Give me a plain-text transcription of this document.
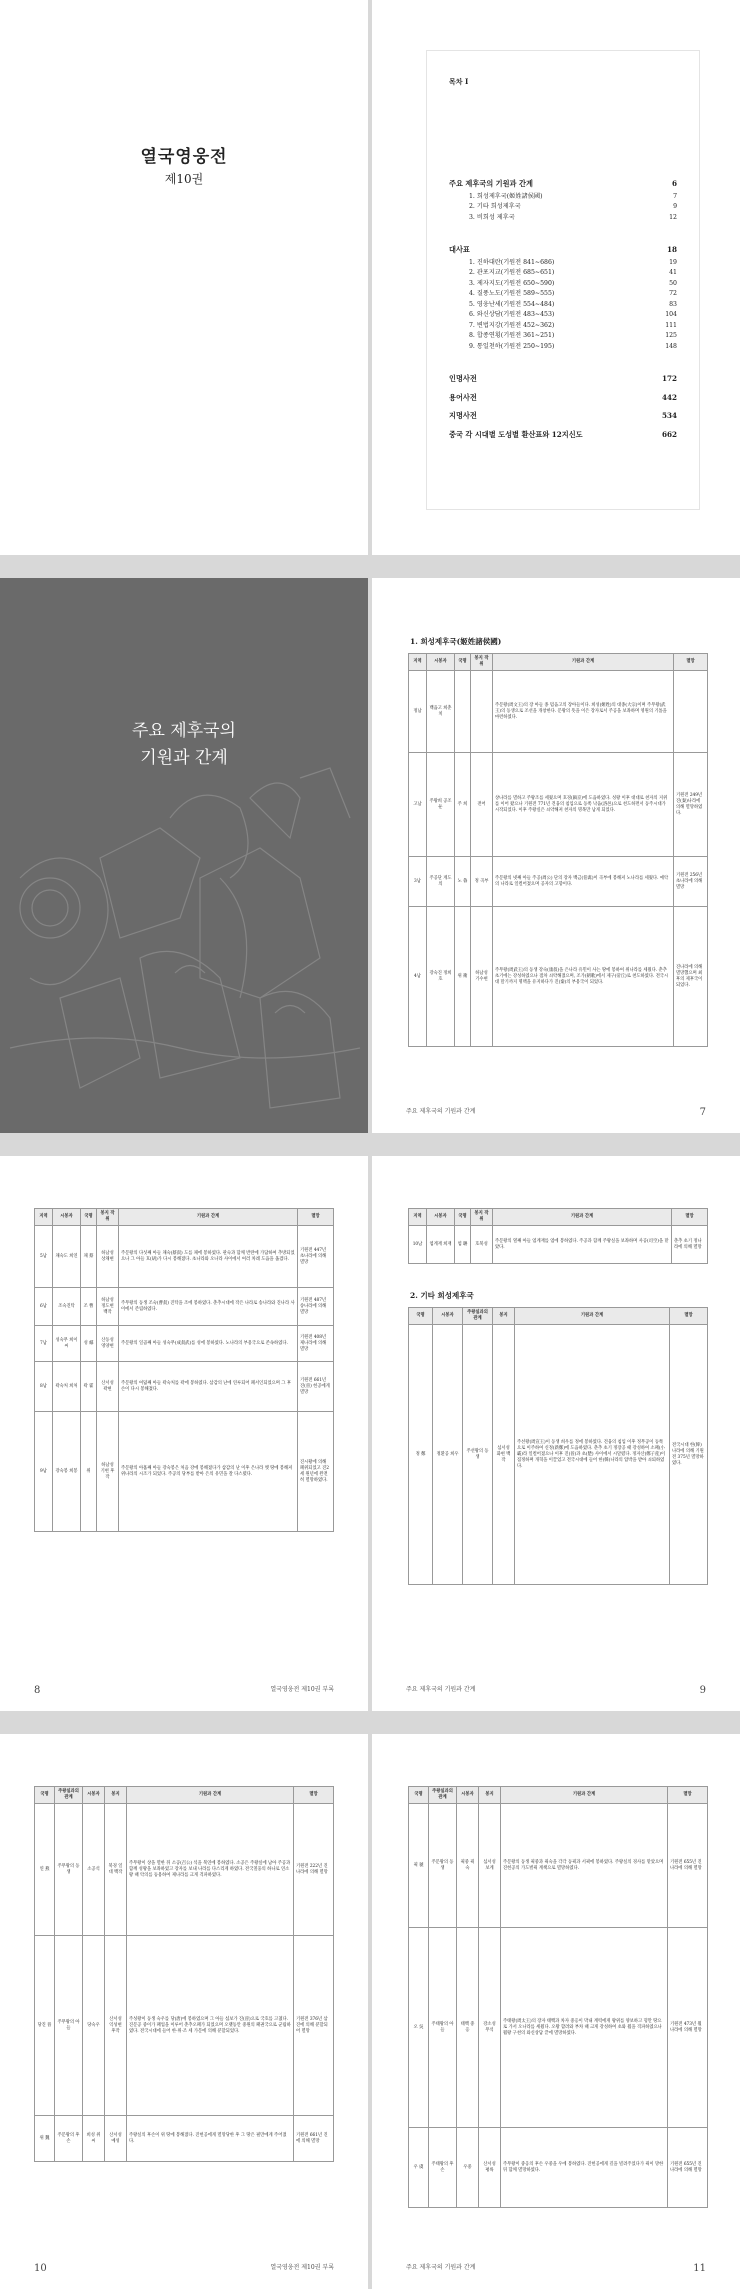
열국영웅전
제10권
목차 Ⅰ
주요 제후국의 기원과 간계	6
1. 희성제후국(姬姓諸侯國)	7
2. 기타 희성제후국	9
3. 비희성 제후국	12
대사표	18
1. 진하대란(기원전 841~686)	19
2. 관포지교(기원전 685~651)	41
3. 제자지도(기원전 650~590)	50
4. 질풍노도(기원전 589~555)	72
5. 영웅난세(기원전 554~484)	83
6. 와신상담(기원전 483~453)	104
7. 변법지강(기원전 452~362)	111
8. 합종연횡(기원전 361~251)	125
9. 통일천하(기원전 250~195)	148
인명사전	172
용어사전	442
지명사전	534
중국 각 시대별 도성별 환산표와 12지신도	662
주요 제후국의
기원과 간계
1. 희성제후국(姬姓諸侯國)
지역	시봉자	국명	봉지 작위	기원과 간계	멸망
정남	백읍고 희춘치			주문왕(周文王)의 장 아들 종 멈읍고의 장아들이다. 희성(姬姓)의 대종(大宗)이며 주무왕(武王)의 동생으로 조선을 개창한다. 문왕의 뜻을 이은 장자로서 주공을 보좌하며 영원의 기틀을 마련하였다.	
고남	주왕희 공조둔	주 희	전어	상나라를 멸하고 주왕조를 세웠으며 호경(鎬京)에 도읍하였다. 성왕 이후 대대로 천자의 지위를 이어 왔으나 기원전 771년 견융의 침입으로 동쪽 낙읍(洛邑)으로 천도하면서 동주시대가 시작되었다. 이후 주왕실은 쇠약해져 천자의 명목만 남게 되었다.	기원전 249년 진(秦)나라에 의해 멸망하였다.
3남	주공단 계도의	노 魯	정 곡부	주문왕의 넷째 아들 주공(周公) 단의 장자 백금(伯禽)이 곡부에 봉해져 노나라를 세웠다. 예악의 나라로 일컬어졌으며 공자의 고향이다.	기원전 256년 초나라에 의해 멸망
4남	강숙진 정희호	위 衛	하남성 기수현	주무왕(周武王)의 동생 강숙(康叔)을 은나라 유민이 사는 땅에 봉하여 위나라를 세웠다. 춘추 초기에는 강성하였으나 점차 쇠약해졌으며, 조가(朝歌)에서 제구(帝丘)로 천도하였다. 전국시대 말기까지 명맥을 유지하다가 진(秦)의 부용국이 되었다.	진나라에 의해 멸망했으며 최후의 제후국이 되었다.
주요 제후국의 기원과 간계	7
지역	시봉자	국명	봉지 작위	기원과 간계	멸망
5남	채숙도 희연	채 蔡	하남성 상채현	주문왕의 다섯째 아들 채숙(蔡叔) 도를 채에 봉하였다. 관숙과 함께 반란에 가담하여 추방되었으나 그 아들 호(胡)가 다시 봉해졌다. 초나라와 오나라 사이에서 여러 차례 도읍을 옮겼다.	기원전 447년 초나라에 의해 멸망
6남	조숙진탁	조 曹	하남성 정도현 백작	주무왕의 동생 조숙(曹叔) 진탁을 조에 봉하였다. 춘추시대에 작은 나라로 송나라와 진나라 사이에서 존립하였다.	기원전 487년 송나라에 의해 멸망
7남	성숙무 희이씨	성 郕	산동성 영양현	주문왕의 일곱째 아들 성숙무(成叔武)를 성에 봉하였다. 노나라의 부용국으로 존속하였다.	기원전 408년 제나라에 의해 멸망
8남	곽숙처 희처	곽 霍	산서성 곽현	주문왕의 여덟째 아들 곽숙처를 곽에 봉하였다. 삼감의 난에 연루되어 폐서인되었으며 그 후손이 다시 봉해졌다.	기원전 661년 진(晉) 헌공에게 멸망
9남	강숙봉 희봉	위	하남성 기현 후작	주문왕의 아홉째 아들 강숙봉은 처음 강에 봉해졌다가 삼감의 난 이후 은나라 옛 땅에 봉해져 위나라의 시조가 되었다. 주공의 당부를 받아 은의 유민을 잘 다스렸다.	진시황에 의해 폐위되었고 진2세 원년에 완전히 멸망하였다.
8	열국영웅전 제10권 부록
지역	시봉자	국명	봉지 작위	기원과 간계	멸망
10남	염계재 희재	염 聃	호북성	주문왕의 열째 아들 염계재를 염에 봉하였다. 주공과 함께 주왕실을 보좌하며 사공(司空)을 맡았다.	춘추 초기 정나라에 의해 멸망
2. 기타 희성제후국
국명	시봉자	주왕실과의 관계	봉지	기원과 간계	멸망
정 鄭	정환공 희우	주선왕의 동생	섬서성 화현 백작	주선왕(周宣王)이 동생 희우를 정에 봉하였다. 견융의 침입 이후 정무공이 동쪽으로 이주하여 신정(新鄭)에 도읍하였다. 춘추 초기 정장공 때 강성하여 소패(小霸)라 일컬어졌으나 이후 진(晉)과 초(楚) 사이에서 시달렸다. 정자산(鄭子産)이 집정하며 개혁을 이끌었고 전국시대에 들어 한(韓)나라의 압박을 받아 쇠퇴하였다.	전국시대 한(韓)나라에 의해 기원전 375년 멸망하였다.
주요 제후국의 기원과 간계	9
국명	주왕실과의 관계	시봉자	봉지	기원과 간계	멸망
연 燕	주무왕의 동생	소공석	북경 일대 백작	주무왕이 상을 멸한 뒤 소공(召公) 석을 북연에 봉하였다. 소공은 주왕실에 남아 주공과 함께 성왕을 보좌하였고 장자를 보내 나라를 다스리게 하였다. 전국칠웅의 하나로 연소왕 때 악의를 등용하여 제나라를 크게 격파하였다.	기원전 222년 진나라에 의해 멸망
당진 晉	주무왕의 아들	당숙우	산서성 익성현 후작	주성왕이 동생 숙우를 당(唐)에 봉하였으며 그 아들 섭보가 진(晉)으로 국호를 고쳤다. 진문공 중이가 패업을 이루어 춘추오패가 되었으며 오랫동안 중원의 패권국으로 군림하였다. 전국시대에 들어 한·위·조 세 가문에 의해 분할되었다.	기원전 376년 삼진에 의해 분할되어 멸망
위 魏	주문왕의 후손	희성 위씨	산서성 예성	주왕실의 후손이 위 땅에 봉해졌다. 진헌공에게 멸망당한 후 그 땅은 필만에게 주어졌다.	기원전 661년 진에 의해 멸망
10	열국영웅전 제10권 부록
국명	주왕실과의 관계	시봉자	봉지	기원과 간계	멸망
괵 虢	주문왕의 동생	괵중 괵숙	섬서성 보계	주문왕의 동생 괵중과 괵숙을 각각 동괵과 서괵에 봉하였다. 주왕실의 경사를 맡았으며 진헌공의 가도벌괵 계책으로 멸망하였다.	기원전 655년 진나라에 의해 멸망
오 吳	주태왕의 아들	태백 중옹	강소성 무석	주태왕(周太王)의 장자 태백과 차자 중옹이 막내 계력에게 왕위를 양보하고 형만 땅으로 가서 오나라를 세웠다. 오왕 합려와 부차 때 크게 강성하여 초와 월을 격파하였으나 월왕 구천의 와신상담 끝에 멸망하였다.	기원전 473년 월나라에 의해 멸망
우 虞	주태왕의 후손	우중	산서성 평륙	주무왕이 중옹의 후손 우중을 우에 봉하였다. 진헌공에게 길을 빌려주었다가 괵이 망한 뒤 함께 멸망하였다.	기원전 655년 진나라에 의해 멸망
주요 제후국의 기원과 간계	11
